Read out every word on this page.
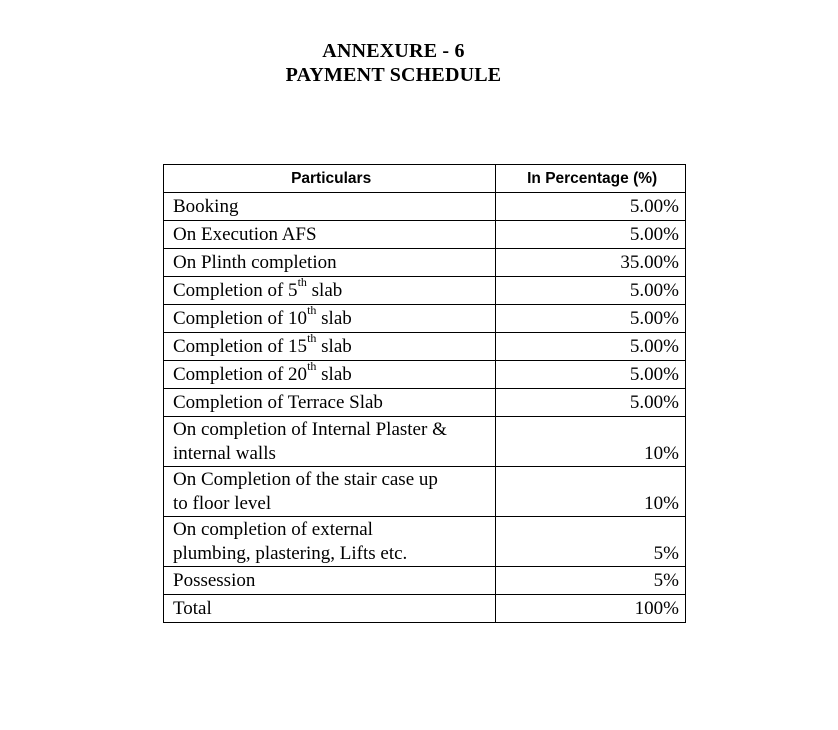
ANNEXURE - 6
PAYMENT SCHEDULE
Particulars	In Percentage (%)
Booking	5.00%
On Execution AFS	5.00%
On Plinth completion	35.00%
Completion of 5th slab	5.00%
Completion of 10th slab	5.00%
Completion of 15th slab	5.00%
Completion of 20th slab	5.00%
Completion of Terrace Slab	5.00%
On completion of Internal Plaster &
internal walls	10%
On Completion of the stair case up
to floor level	10%
On completion of external
plumbing, plastering, Lifts etc.	5%
Possession	5%
Total	100%
